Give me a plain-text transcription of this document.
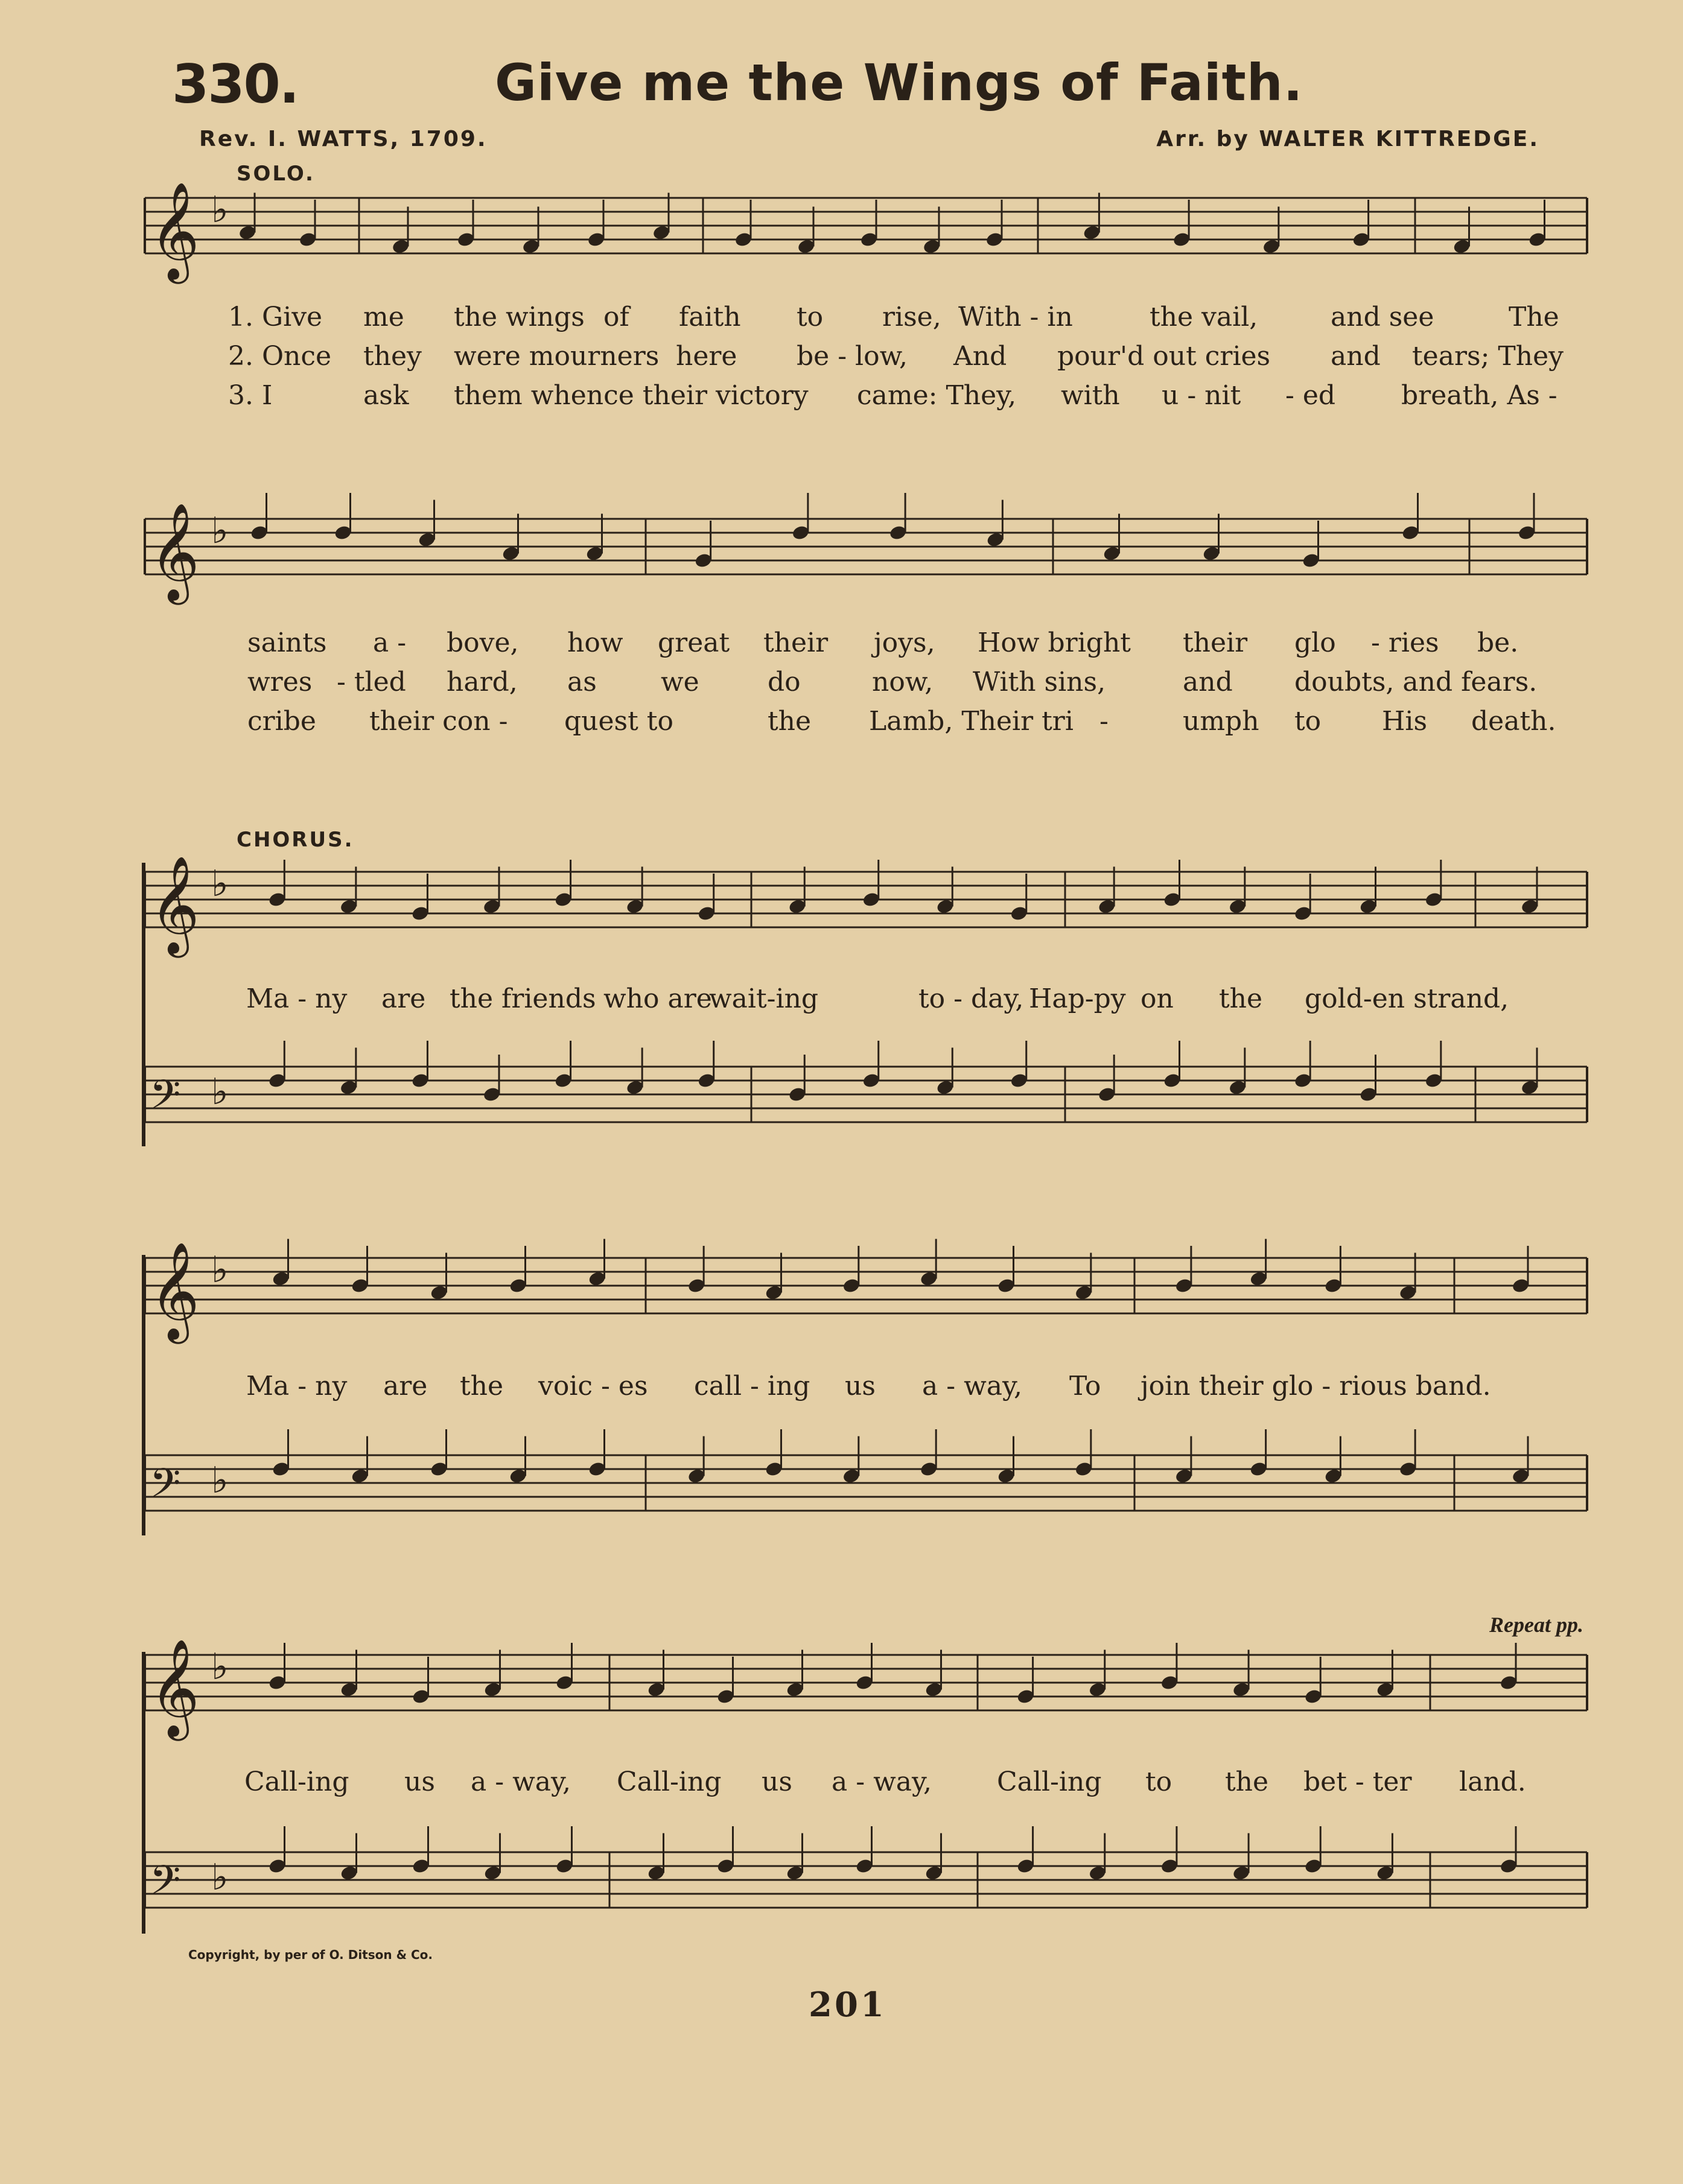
330.	Give me the Wings of Faith.
Rev. I. WATTS, 1709.	Arr. by WALTER KITTREDGE.
SOLO.
CHORUS.
Repeat pp.
𝄞 ♭
𝄞 ♭
𝄞 ♭
𝄢 ♭
𝄞 ♭
𝄢 ♭
𝄞 ♭
𝄢 ♭
1. Give me the wings of faith to rise, With - in	the vail,	and see	The
2. Once they were mourners here be - low, And pour'd out cries and tears; They
3. I	ask them whence their victory came: They, with u - nit - ed breath, As -
saints a - bove, how great their joys, How bright their glo - ries be.
wres - tled hard, as we	do	now, With sins,	and doubts, and fears.
cribe their con - quest to	the Lamb, Their tri -	umph to His death.
Ma - ny are the friends who are
wait-ing	to - day, Hap-py on the gold-en strand,
Ma - ny are the voic - es call - ing us a - way, To join their glo - rious band.
Call-ing us a - way, Call-ing us a - way, Call-ing to the bet - ter land.
Copyright, by per of O. Ditson & Co.
201
